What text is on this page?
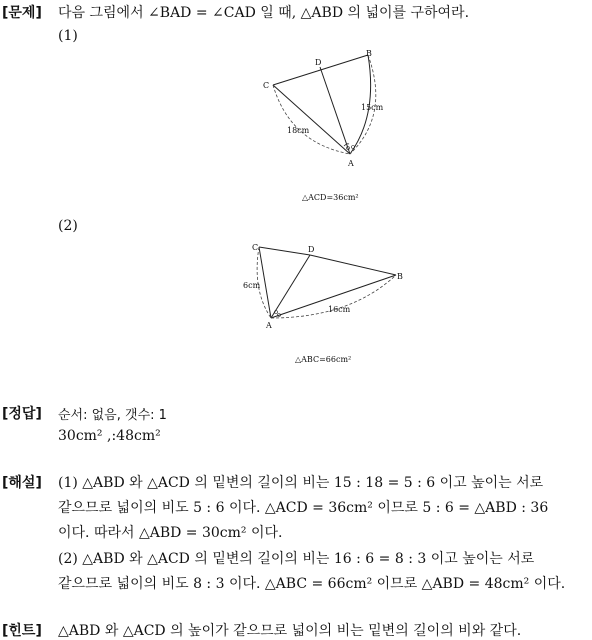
[문제] 다음 그림에서 ∠BAD = ∠CAD 일 때, △ABD 의 넓이를 구하여라.
(1)
B
C
D
A
18cm
15cm
△ACD=36cm²
(2)
C	D
B
A
6cm
16cm
△ABC=66cm²
[정답] 순서: 없음, 갯수: 1
30cm² ,:48cm²
[해설] (1) △ABD 와 △ACD 의 밑변의 길이의 비는 15 : 18 = 5 : 6 이고 높이는 서로
같으므로 넓이의 비도 5 : 6 이다. △ACD = 36cm² 이므로 5 : 6 = △ABD : 36
이다. 따라서 △ABD = 30cm² 이다.
(2) △ABD 와 △ACD 의 밑변의 길이의 비는 16 : 6 = 8 : 3 이고 높이는 서로
같으므로 넓이의 비도 8 : 3 이다. △ABC = 66cm² 이므로 △ABD = 48cm² 이다.
[힌트] △ABD 와 △ACD 의 높이가 같으므로 넓이의 비는 밑변의 길이의 비와 같다.
